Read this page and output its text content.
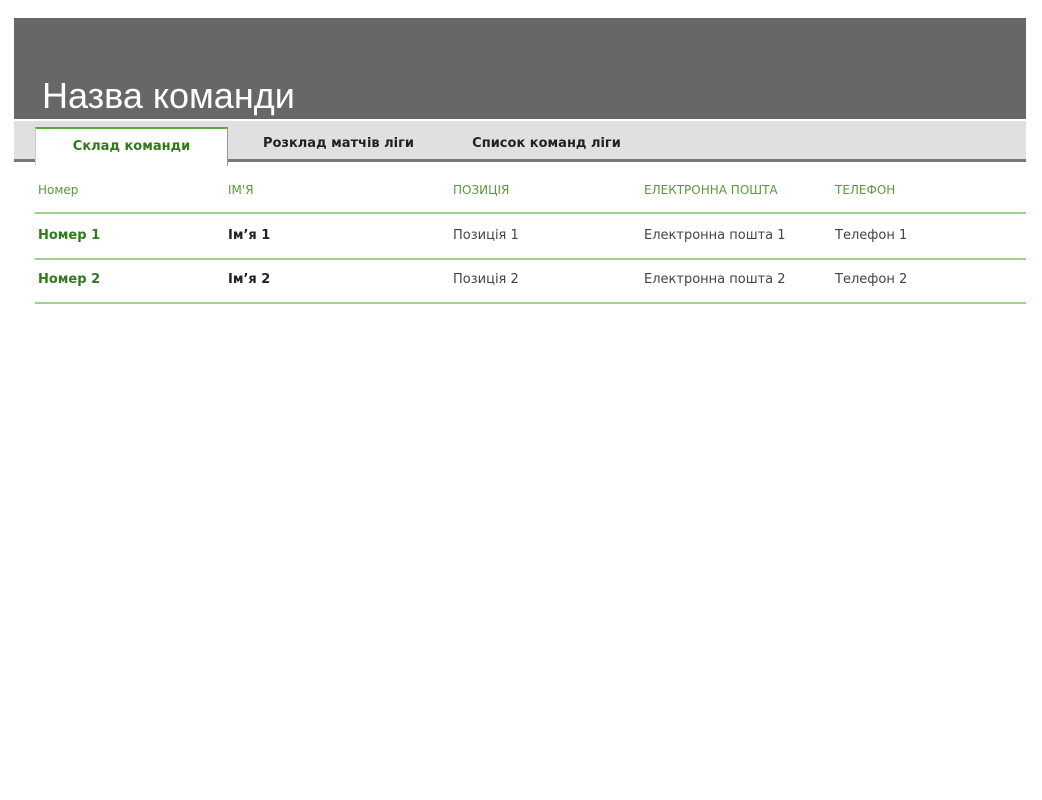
Назва команди
Склад команди	Розклад матчів ліги	Список команд ліги
Номер	ІМ'Я	ПОЗИЦІЯ	ЕЛЕКТРОННА ПОШТА	ТЕЛЕФОН
Номер 1	Ім’я 1	Позиція 1	Електронна пошта 1	Телефон 1
Номер 2	Ім’я 2	Позиція 2	Електронна пошта 2	Телефон 2
